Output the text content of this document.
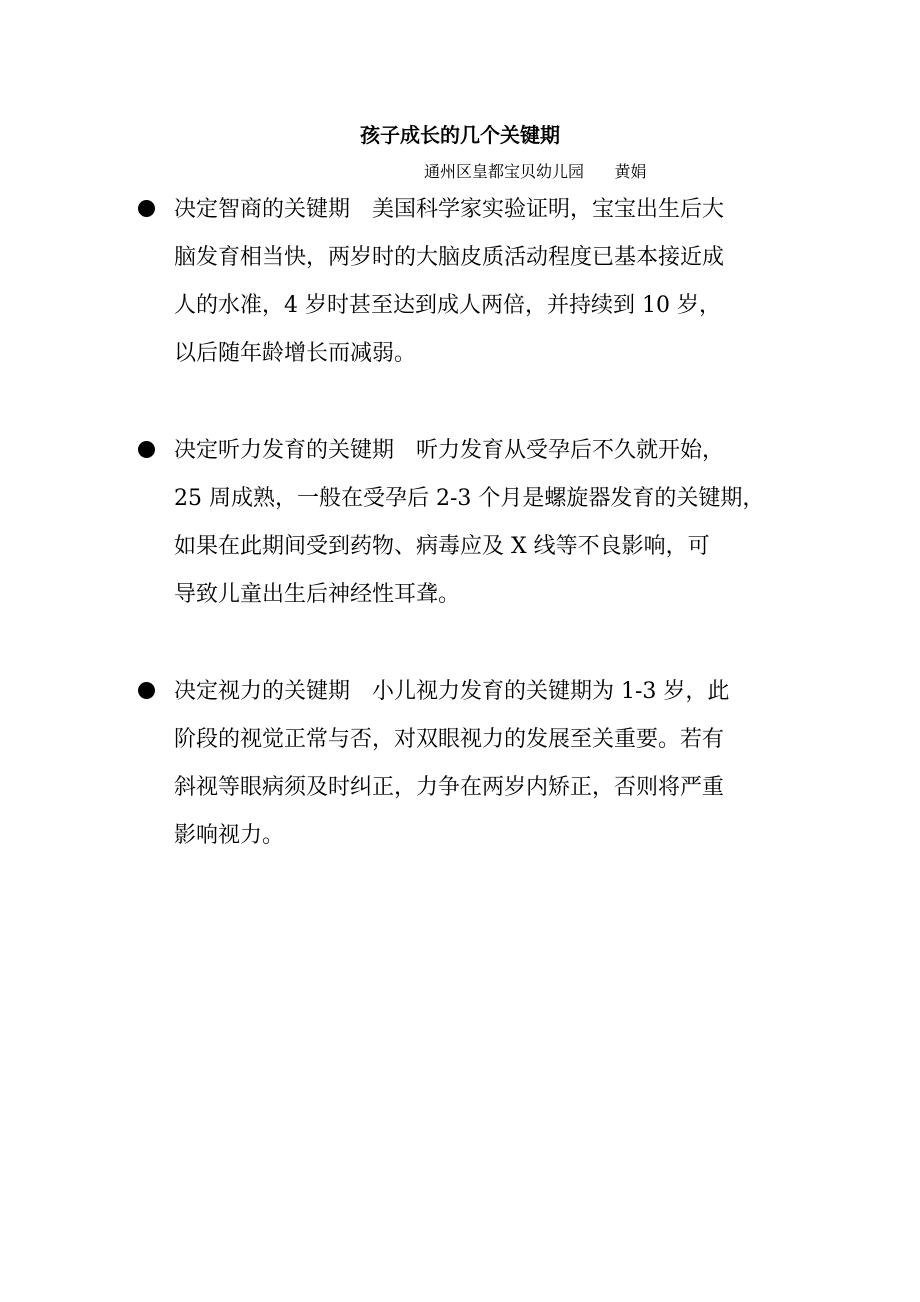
孩子成长的几个关键期
通州区皇都宝贝幼儿园      黄娟
决定智商的关键期　美国科学家实验证明，宝宝出生后大
脑发育相当快，两岁时的大脑皮质活动程度已基本接近成
人的水准，4 岁时甚至达到成人两倍，并持续到 10 岁，
以后随年龄增长而减弱。
决定听力发育的关键期　听力发育从受孕后不久就开始，
25 周成熟，一般在受孕后 2-3 个月是螺旋器发育的关键期，
如果在此期间受到药物、病毒应及 X 线等不良影响，可
导致儿童出生后神经性耳聋。
决定视力的关键期　小儿视力发育的关键期为 1-3 岁，此
阶段的视觉正常与否，对双眼视力的发展至关重要。若有
斜视等眼病须及时纠正，力争在两岁内矫正，否则将严重
影响视力。
